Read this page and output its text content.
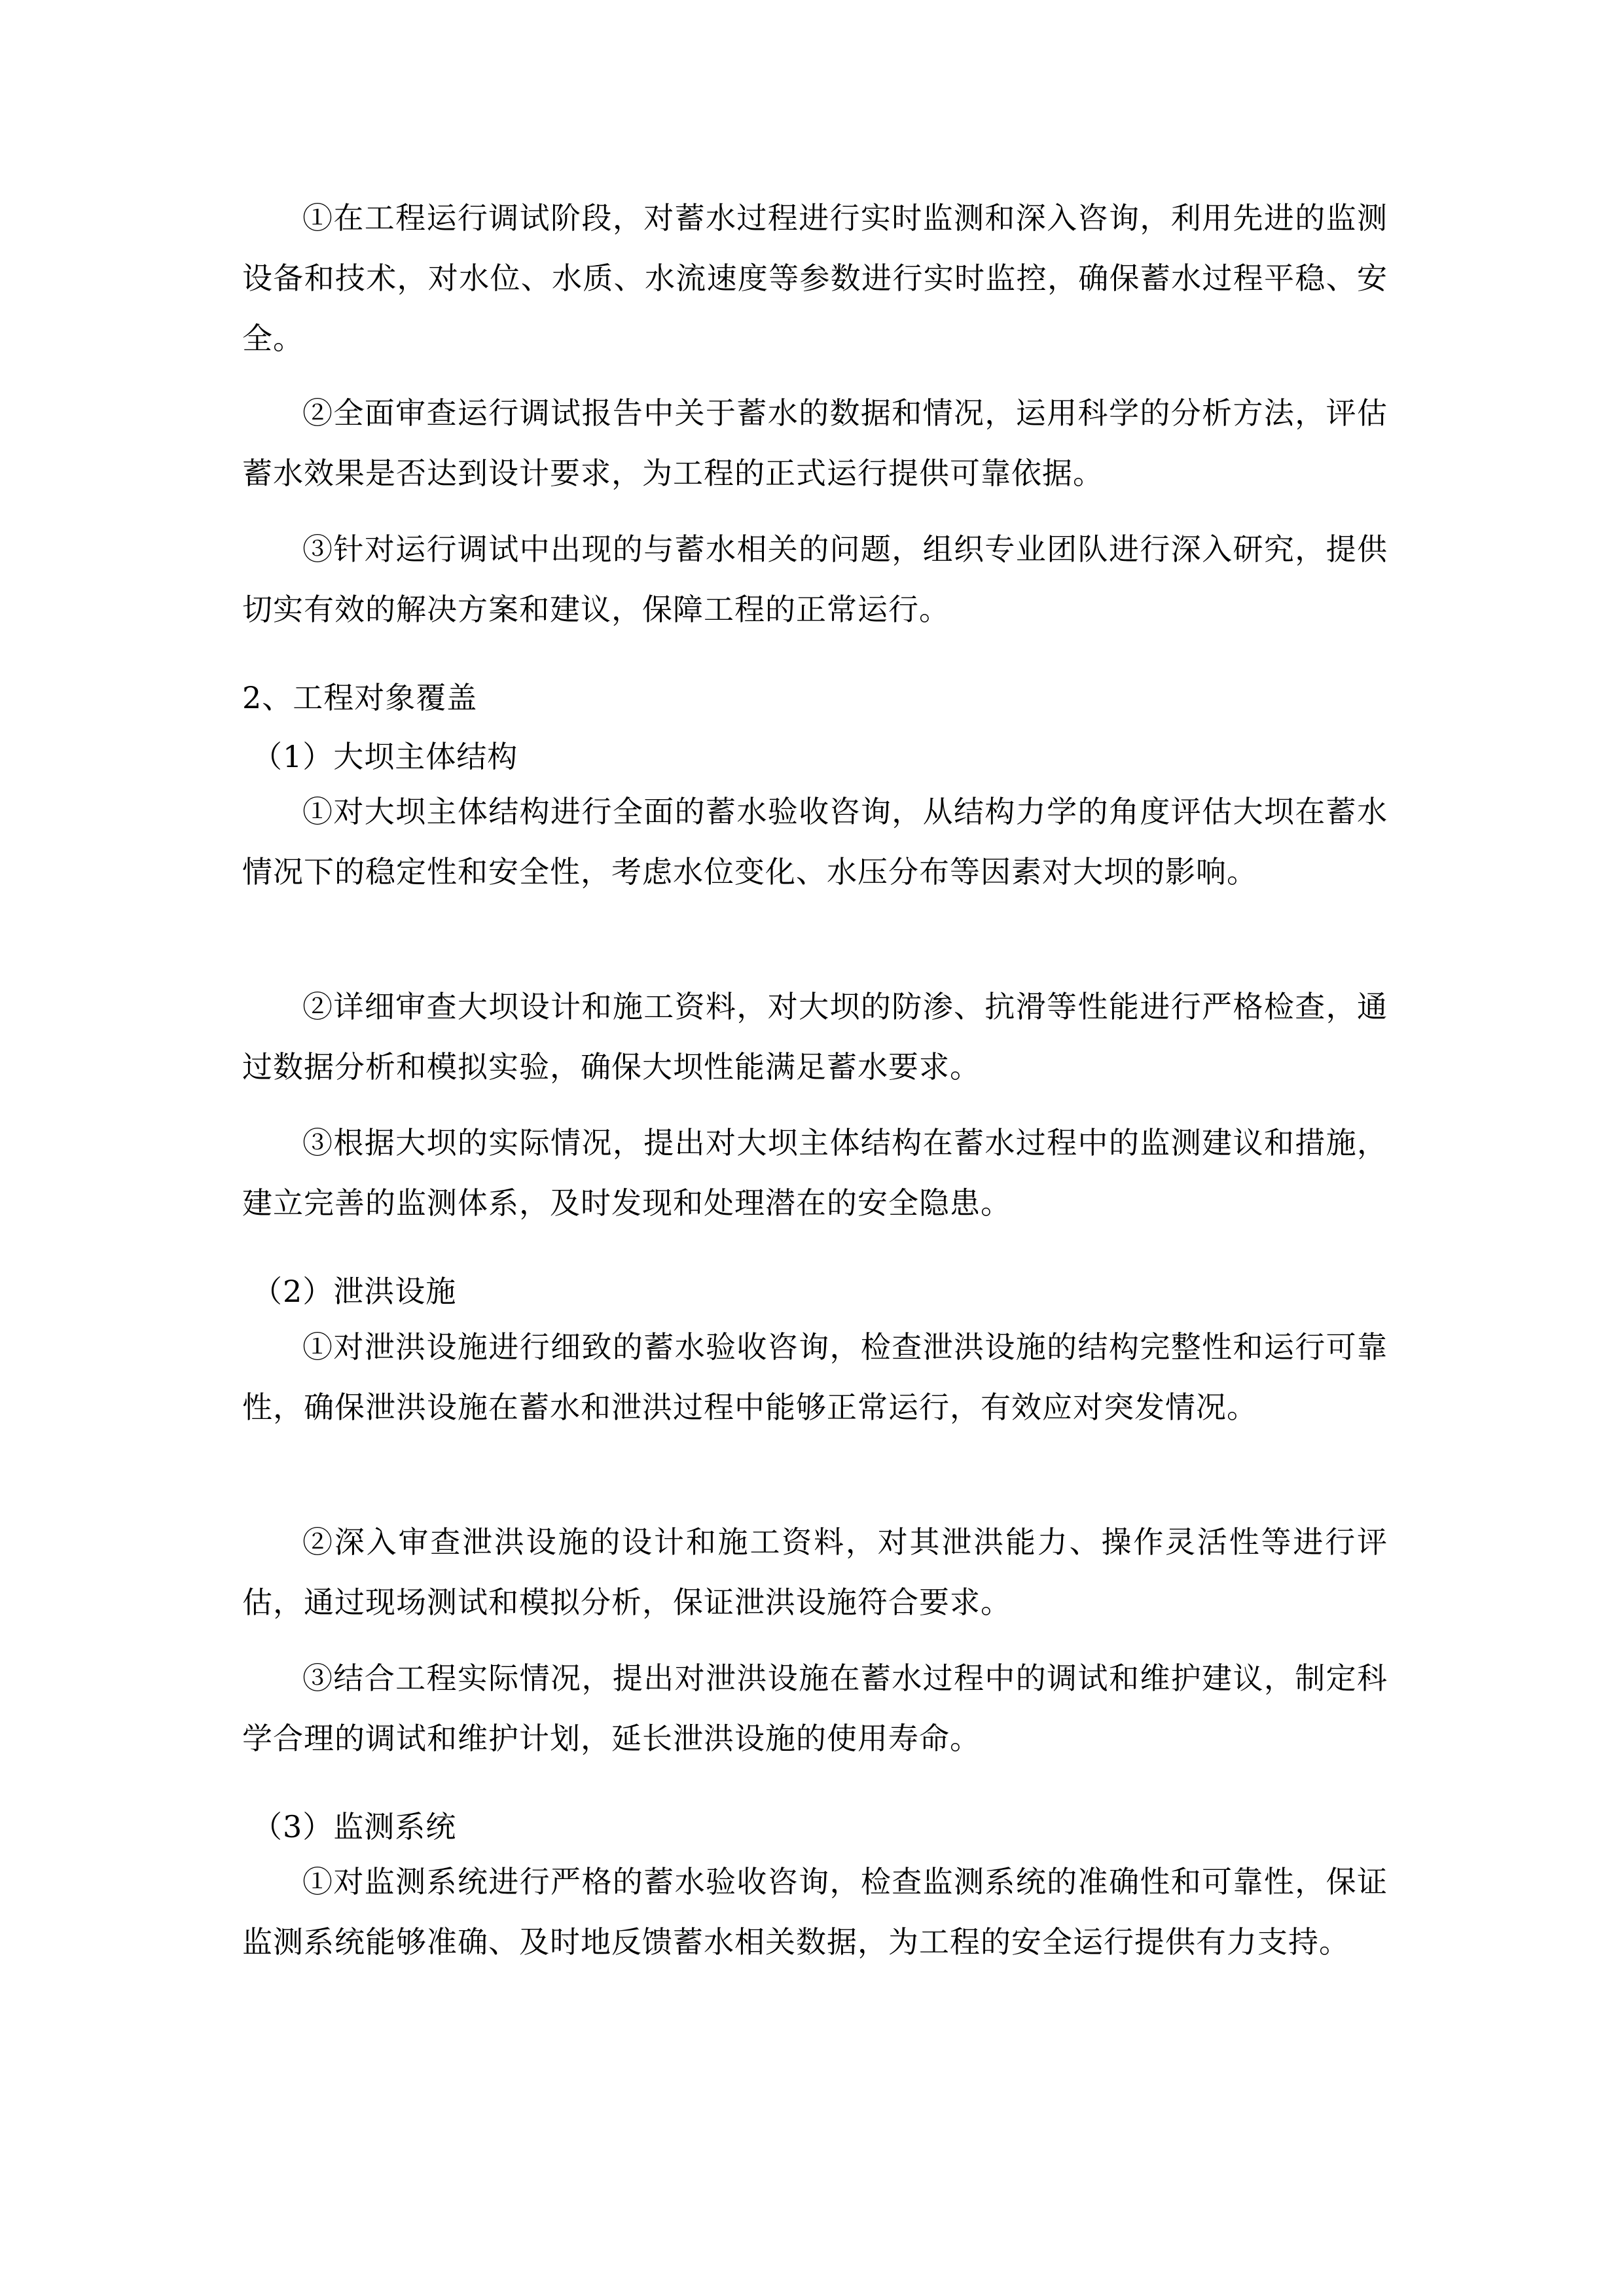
①在工程运行调试阶段，对蓄水过程进行实时监测和深入咨询，利用先进的监测设备和技术，对水位、水质、水流速度等参数进行实时监控，确保蓄水过程平稳、安全。

②全面审查运行调试报告中关于蓄水的数据和情况，运用科学的分析方法，评估蓄水效果是否达到设计要求，为工程的正式运行提供可靠依据。

③针对运行调试中出现的与蓄水相关的问题，组织专业团队进行深入研究，提供切实有效的解决方案和建议，保障工程的正常运行。

2、工程对象覆盖

（1）大坝主体结构

①对大坝主体结构进行全面的蓄水验收咨询，从结构力学的角度评估大坝在蓄水情况下的稳定性和安全性，考虑水位变化、水压分布等因素对大坝的影响。

②详细审查大坝设计和施工资料，对大坝的防渗、抗滑等性能进行严格检查，通过数据分析和模拟实验，确保大坝性能满足蓄水要求。

③根据大坝的实际情况，提出对大坝主体结构在蓄水过程中的监测建议和措施，建立完善的监测体系，及时发现和处理潜在的安全隐患。

（2）泄洪设施

①对泄洪设施进行细致的蓄水验收咨询，检查泄洪设施的结构完整性和运行可靠性，确保泄洪设施在蓄水和泄洪过程中能够正常运行，有效应对突发情况。

②深入审查泄洪设施的设计和施工资料，对其泄洪能力、操作灵活性等进行评估，通过现场测试和模拟分析，保证泄洪设施符合要求。

③结合工程实际情况，提出对泄洪设施在蓄水过程中的调试和维护建议，制定科学合理的调试和维护计划，延长泄洪设施的使用寿命。

（3）监测系统

①对监测系统进行严格的蓄水验收咨询，检查监测系统的准确性和可靠性，保证监测系统能够准确、及时地反馈蓄水相关数据，为工程的安全运行提供有力支持。
